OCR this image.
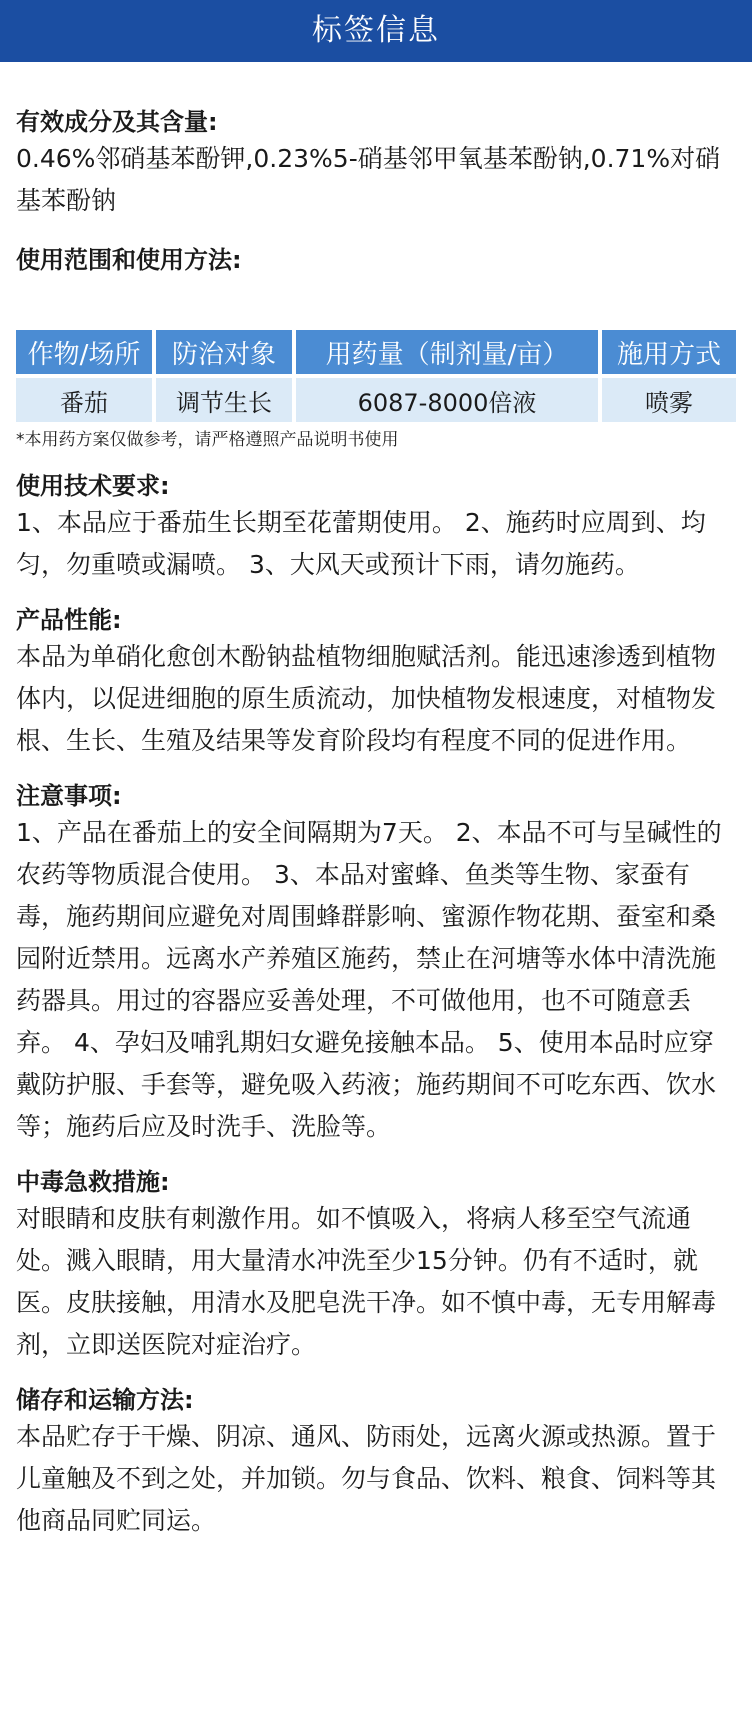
标签信息
有效成分及其含量:

0.46%邻硝基苯酚钾,0.23%5-硝基邻甲氧基苯酚钠,0.71%对硝基苯酚钠

使用范围和使用方法:
作物/场所	防治对象	用药量（制剂量/亩）	施用方式
番茄	调节生长	6087-8000倍液	喷雾

*本用药方案仅做参考，请严格遵照产品说明书使用

使用技术要求:

1、本品应于番茄生长期至花蕾期使用。 2、施药时应周到、均匀，勿重喷或漏喷。 3、大风天或预计下雨，请勿施药。

产品性能:

本品为单硝化愈创木酚钠盐植物细胞赋活剂。能迅速渗透到植物体内，以促进细胞的原生质流动，加快植物发根速度，对植物发根、生长、生殖及结果等发育阶段均有程度不同的促进作用。

注意事项:

1、产品在番茄上的安全间隔期为7天。 2、本品不可与呈碱性的农药等物质混合使用。 3、本品对蜜蜂、鱼类等生物、家蚕有毒，施药期间应避免对周围蜂群影响、蜜源作物花期、蚕室和桑园附近禁用。远离水产养殖区施药，禁止在河塘等水体中清洗施药器具。用过的容器应妥善处理，不可做他用，也不可随意丢弃。 4、孕妇及哺乳期妇女避免接触本品。 5、使用本品时应穿戴防护服、手套等，避免吸入药液；施药期间不可吃东西、饮水等；施药后应及时洗手、洗脸等。

中毒急救措施:

对眼睛和皮肤有刺激作用。如不慎吸入，将病人移至空气流通处。溅入眼睛，用大量清水冲洗至少15分钟。仍有不适时，就医。皮肤接触，用清水及肥皂洗干净。如不慎中毒，无专用解毒剂，立即送医院对症治疗。

储存和运输方法:

本品贮存于干燥、阴凉、通风、防雨处，远离火源或热源。置于儿童触及不到之处，并加锁。勿与食品、饮料、粮食、饲料等其他商品同贮同运。
